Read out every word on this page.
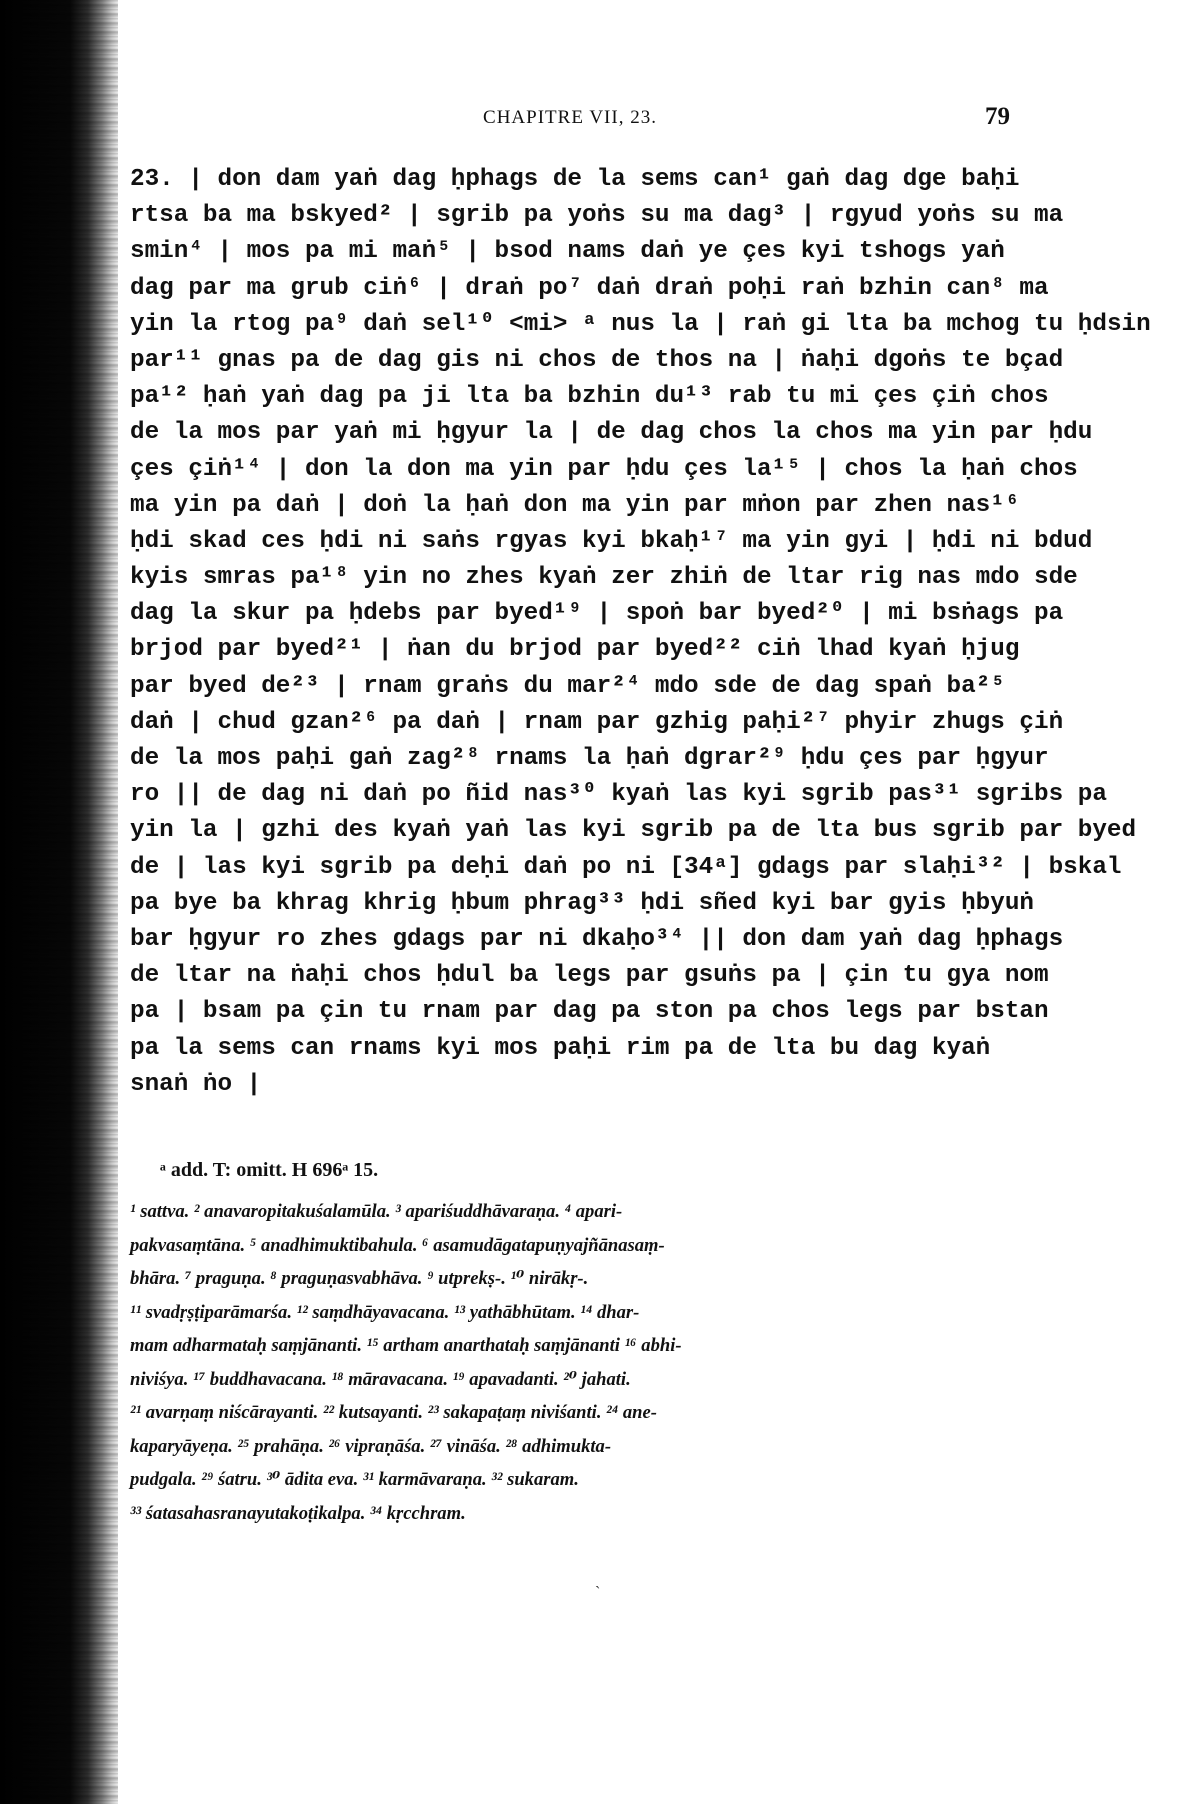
CHAPITRE VII, 23.	79
23. | don dam yaṅ dag ḥphags de la sems can¹ gaṅ dag dge baḥi
rtsa ba ma bskyed² | sgrib pa yoṅs su ma dag³ | rgyud yoṅs su ma
smin⁴ | mos pa mi maṅ⁵ | bsod nams daṅ ye çes kyi tshogs yaṅ
dag par ma grub ciṅ⁶ | draṅ po⁷ daṅ draṅ poḥi raṅ bzhin can⁸ ma
yin la rtog pa⁹ daṅ sel¹⁰ <mi> ᵃ nus la | raṅ gi lta ba mchog tu ḥdsin
par¹¹ gnas pa de dag gis ni chos de thos na | ṅaḥi dgoṅs te bçad
pa¹² ḥaṅ yaṅ dag pa ji lta ba bzhin du¹³ rab tu mi çes çiṅ chos
de la mos par yaṅ mi ḥgyur la | de dag chos la chos ma yin par ḥdu
çes çiṅ¹⁴ | don la don ma yin par ḥdu çes la¹⁵ | chos la ḥaṅ chos
ma yin pa daṅ | doṅ la ḥaṅ don ma yin par mṅon par zhen nas¹⁶
ḥdi skad ces ḥdi ni saṅs rgyas kyi bkaḥ¹⁷ ma yin gyi | ḥdi ni bdud
kyis smras pa¹⁸ yin no zhes kyaṅ zer zhiṅ de ltar rig nas mdo sde
dag la skur pa ḥdebs par byed¹⁹ | spoṅ bar byed²⁰ | mi bsṅags pa
brjod par byed²¹ | ṅan du brjod par byed²² ciṅ lhad kyaṅ ḥjug
par byed de²³ | rnam graṅs du mar²⁴ mdo sde de dag spaṅ ba²⁵
daṅ | chud gzan²⁶ pa daṅ | rnam par gzhig paḥi²⁷ phyir zhugs çiṅ
de la mos paḥi gaṅ zag²⁸ rnams la ḥaṅ dgrar²⁹ ḥdu çes par ḥgyur
ro || de dag ni daṅ po ñid nas³⁰ kyaṅ las kyi sgrib pas³¹ sgribs pa
yin la | gzhi des kyaṅ yaṅ las kyi sgrib pa de lta bus sgrib par byed
de | las kyi sgrib pa deḥi daṅ po ni [34ᵃ] gdags par slaḥi³² | bskal
pa bye ba khrag khrig ḥbum phrag³³ ḥdi sñed kyi bar gyis ḥbyuṅ
bar ḥgyur ro zhes gdags par ni dkaḥo³⁴ || don dam yaṅ dag ḥphags
de ltar na ṅaḥi chos ḥdul ba legs par gsuṅs pa | çin tu gya nom
pa | bsam pa çin tu rnam par dag pa ston pa chos legs par bstan
pa la sems can rnams kyi mos paḥi rim pa de lta bu dag kyaṅ
snaṅ ṅo |
ᵃ add. T: omitt. H 696ᵃ 15.
¹ sattva. ² anavaropitakuśalamūla. ³ apariśuddhāvaraṇa. ⁴ apari-
pakvasaṃtāna. ⁵ anadhimuktibahula. ⁶ asamudāgatapuṇyajñānasaṃ-
bhāra. ⁷ praguṇa. ⁸ praguṇasvabhāva. ⁹ utprekṣ-. ¹⁰ nirākṛ-.
¹¹ svadṛṣṭiparāmarśa. ¹² saṃdhāyavacana. ¹³ yathābhūtam. ¹⁴ dhar-
mam adharmataḥ saṃjānanti. ¹⁵ artham anarthataḥ saṃjānanti ¹⁶ abhi-
niviśya. ¹⁷ buddhavacana. ¹⁸ māravacana. ¹⁹ apavadanti. ²⁰ jahati.
²¹ avarṇaṃ niścārayanti. ²² kutsayanti. ²³ sakapaṭaṃ niviśanti. ²⁴ ane-
kaparyāyeṇa. ²⁵ prahāṇa. ²⁶ vipraṇāśa. ²⁷ vināśa. ²⁸ adhimukta-
pudgala. ²⁹ śatru. ³⁰ ādita eva. ³¹ karmāvaraṇa. ³² sukaram.
³³ śatasahasranayutakoṭikalpa. ³⁴ kṛcchram.
ˎ
